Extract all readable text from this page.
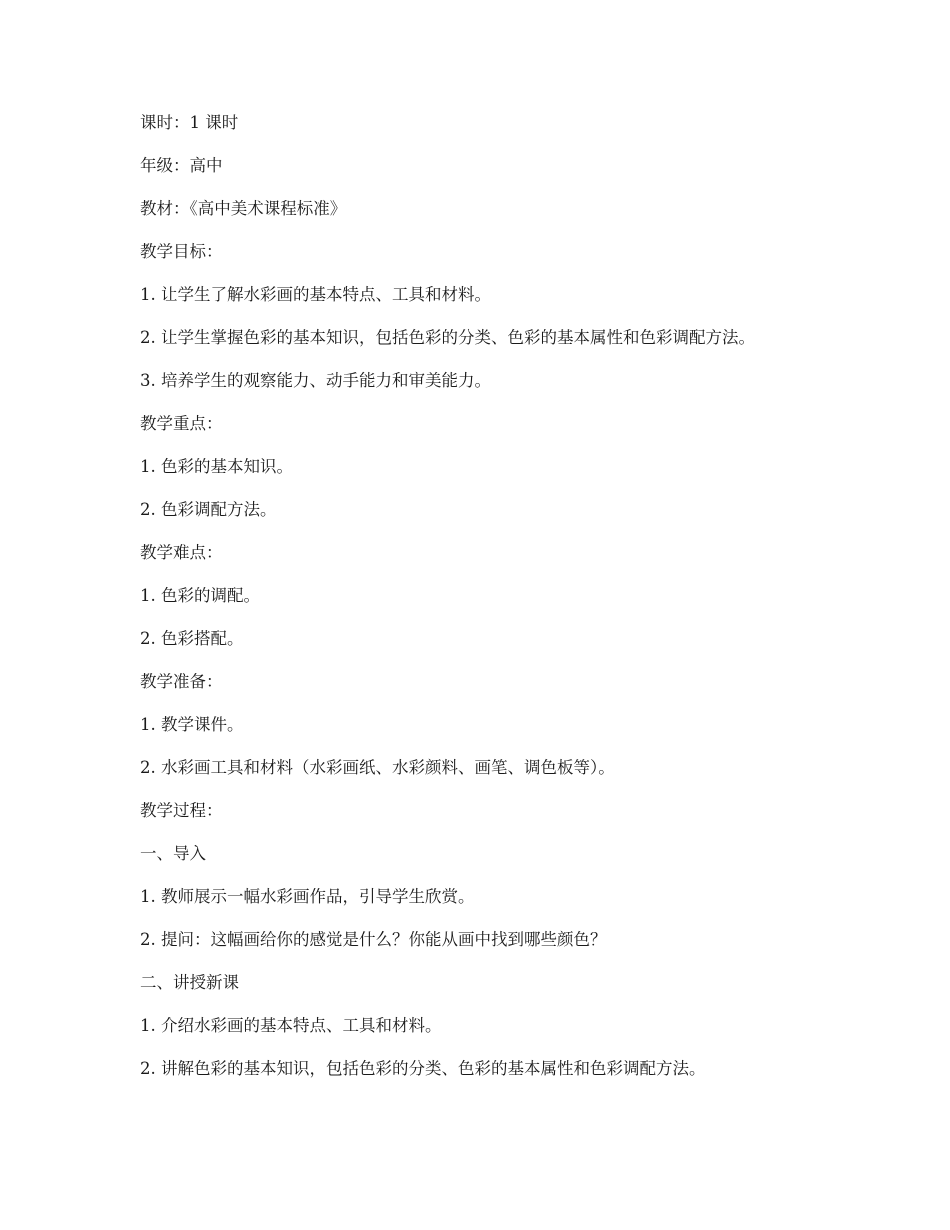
课时：1 课时

年级：高中

教材：《高中美术课程标准》

教学目标：

1. 让学生了解水彩画的基本特点、工具和材料。

2. 让学生掌握色彩的基本知识，包括色彩的分类、色彩的基本属性和色彩调配方法。

3. 培养学生的观察能力、动手能力和审美能力。

教学重点：

1. 色彩的基本知识。

2. 色彩调配方法。

教学难点：

1. 色彩的调配。

2. 色彩搭配。

教学准备：

1. 教学课件。

2. 水彩画工具和材料（水彩画纸、水彩颜料、画笔、调色板等）。

教学过程：

一、导入

1. 教师展示一幅水彩画作品，引导学生欣赏。

2. 提问：这幅画给你的感觉是什么？你能从画中找到哪些颜色？

二、讲授新课

1. 介绍水彩画的基本特点、工具和材料。

2. 讲解色彩的基本知识，包括色彩的分类、色彩的基本属性和色彩调配方法。
